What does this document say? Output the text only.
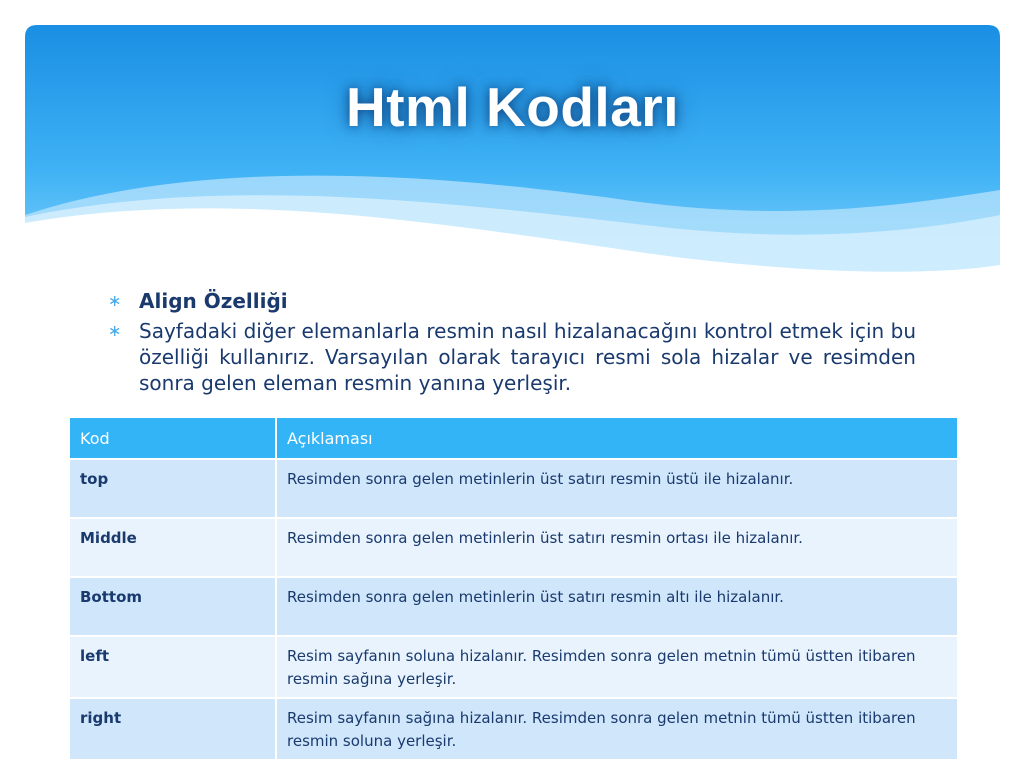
Html Kodları
∗ Align Özelliği
∗ Sayfadaki diğer elemanlarla resmin nasıl hizalanacağını kontrol etmek için bu özelliği kullanırız. Varsayılan olarak tarayıcı resmi sola hizalar ve resimden sonra gelen eleman resmin yanına yerleşir.
Kod	Açıklaması
top	Resimden sonra gelen metinlerin üst satırı resmin üstü ile hizalanır.
Middle	Resimden sonra gelen metinlerin üst satırı resmin ortası ile hizalanır.
Bottom	Resimden sonra gelen metinlerin üst satırı resmin altı ile hizalanır.
left	Resim sayfanın soluna hizalanır. Resimden sonra gelen metnin tümü üstten itibaren resmin sağına yerleşir.
right	Resim sayfanın sağına hizalanır. Resimden sonra gelen metnin tümü üstten itibaren resmin soluna yerleşir.
